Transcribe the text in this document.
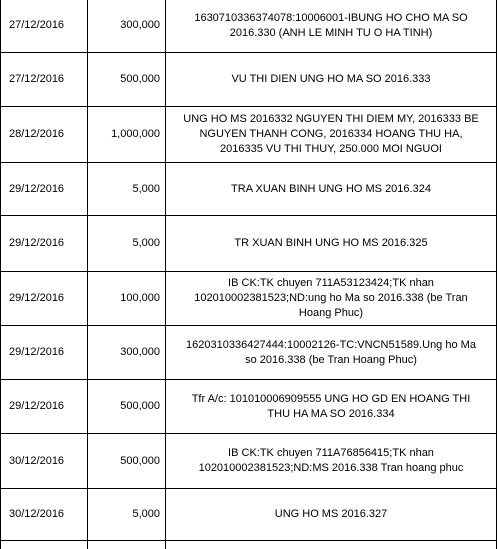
27/12/2016	300,000	1630710336374078:10006001-IBUNG HO CHO MA SO 2016.330 (ANH LE MINH TU O HA TINH)
27/12/2016	500,000	VU THI DIEN UNG HO MA SO 2016.333
28/12/2016	1,000,000	UNG HO MS 2016332 NGUYEN THI DIEM MY, 2016333 BE NGUYEN THANH CONG, 2016334 HOANG THU HA, 2016335 VU THI THUY, 250.000 MOI NGUOI
29/12/2016	5,000	TRA XUAN BINH UNG HO MS 2016.324
29/12/2016	5,000	TR XUAN BINH UNG HO MS 2016.325
29/12/2016	100,000	IB CK:TK chuyen 711A53123424;TK nhan 102010002381523;ND:ung ho Ma so 2016.338 (be Tran Hoang Phuc)
29/12/2016	300,000	1620310336427444:10002126-TC:VNCN51589.Ung ho Ma so 2016.338 (be Tran Hoang Phuc)
29/12/2016	500,000	Tfr A/c: 101010006909555 UNG HO GD EN HOANG THI THU HA MA SO 2016.334
30/12/2016	500,000	IB CK:TK chuyen 711A76856415;TK nhan 102010002381523;ND:MS 2016.338 Tran hoang phuc
30/12/2016	5,000	UNG HO MS 2016.327
